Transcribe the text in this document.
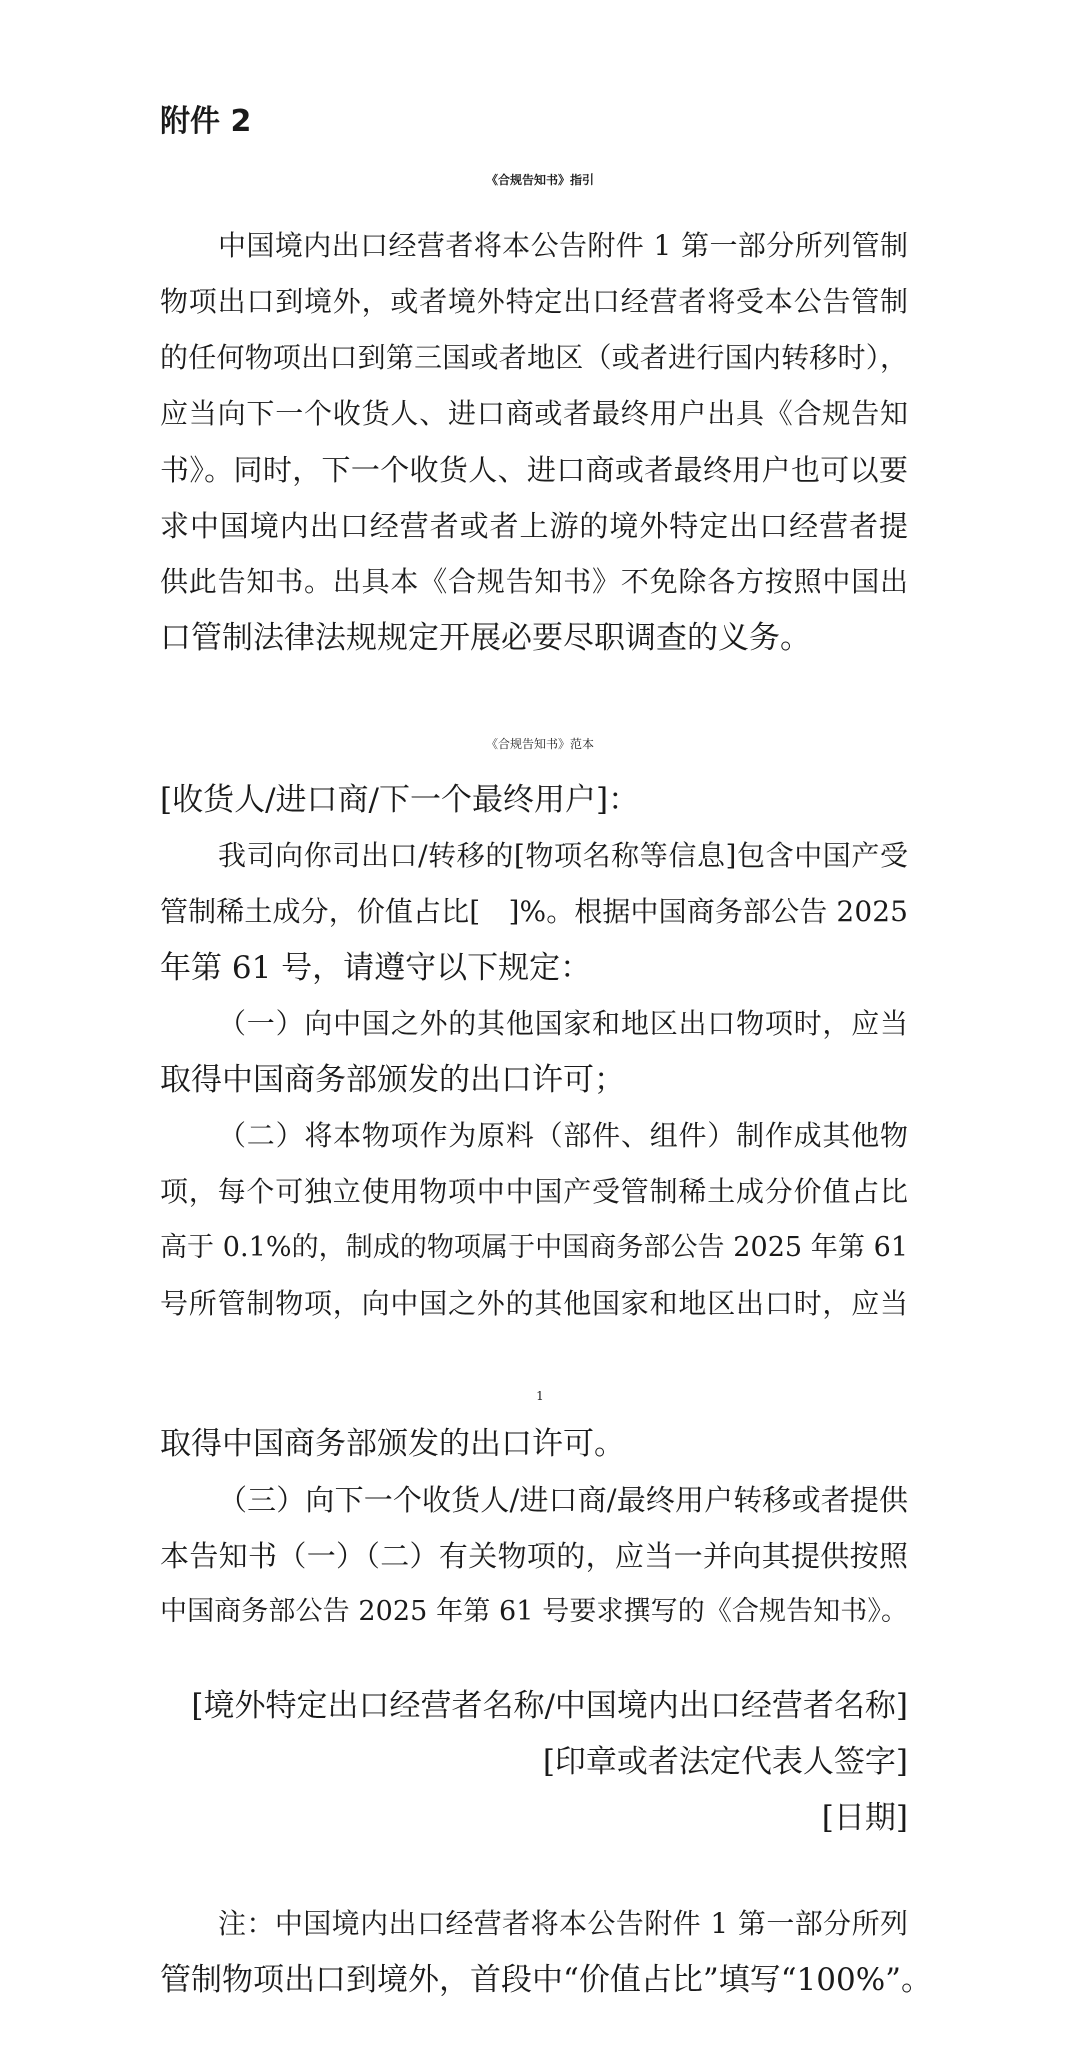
附件 2
《合规告知书》指引
中国境内出口经营者将本公告附件 1 第一部分所列管制
物项出口到境外，或者境外特定出口经营者将受本公告管制
的任何物项出口到第三国或者地区（或者进行国内转移时），
应当向下一个收货人、进口商或者最终用户出具《合规告知
书》。同时，下一个收货人、进口商或者最终用户也可以要
求中国境内出口经营者或者上游的境外特定出口经营者提
供此告知书。出具本《合规告知书》不免除各方按照中国出
口管制法律法规规定开展必要尽职调查的义务。
《合规告知书》范本
[收货人/进口商/下一个最终用户]：
我司向你司出口/转移的[物项名称等信息]包含中国产受
管制稀土成分，价值占比[　]%。根据中国商务部公告 2025
年第 61 号，请遵守以下规定：
（一）向中国之外的其他国家和地区出口物项时，应当
取得中国商务部颁发的出口许可；
（二）将本物项作为原料（部件、组件）制作成其他物
项，每个可独立使用物项中中国产受管制稀土成分价值占比
高于 0.1%的，制成的物项属于中国商务部公告 2025 年第 61
号所管制物项，向中国之外的其他国家和地区出口时，应当
1
取得中国商务部颁发的出口许可。
（三）向下一个收货人/进口商/最终用户转移或者提供
本告知书（一）（二）有关物项的，应当一并向其提供按照
中国商务部公告 2025 年第 61 号要求撰写的《合规告知书》。
[境外特定出口经营者名称/中国境内出口经营者名称]
[印章或者法定代表人签字]
[日期]
注：中国境内出口经营者将本公告附件 1 第一部分所列
管制物项出口到境外，首段中“价值占比”填写“100%”。
